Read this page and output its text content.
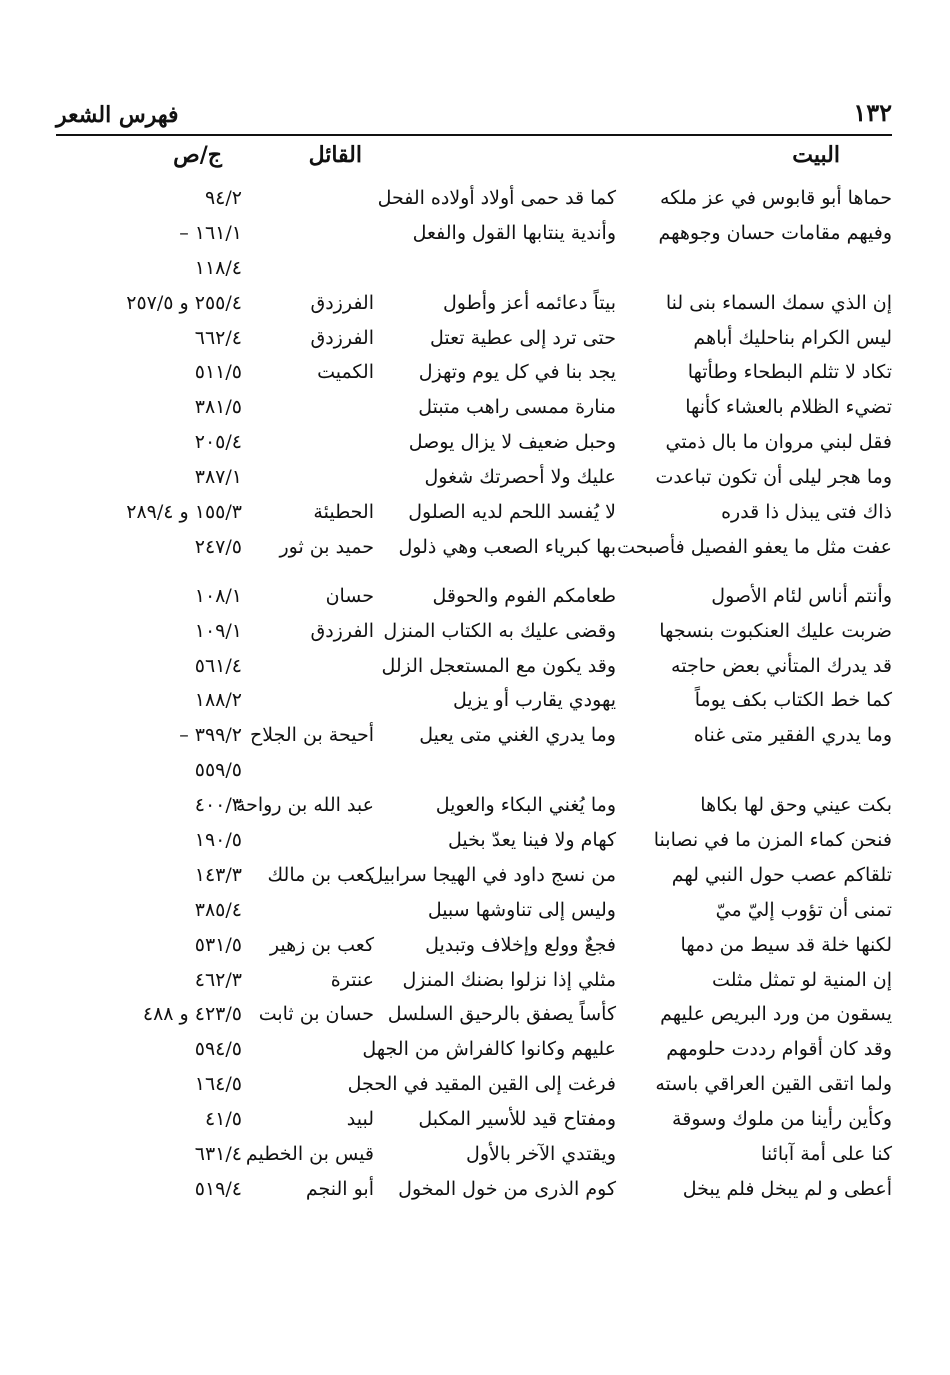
١٣٢
فهرس الشعر
البيت
القائل
ج/ص
حماها أبو قابوس في عز ملكه
كما قد حمى أولاد أولاده الفحل
٩٤/٢
وفيهم مقامات حسان وجوههم
وأندية ينتابها القول والفعل
١٦١/١ –
١١٨/٤
إن الذي سمك السماء بنى لنا
بيتاً دعائمه أعز وأطول
الفرزدق
٢٥٥/٤ و ٢٥٧/٥
ليس الكرام بناحليك أباهم
حتى ترد إلى عطية تعتل
الفرزدق
٦٦٢/٤
تكاد لا تثلم البطحاء وطأتها
يجد بنا في كل يوم وتهزل
الكميت
٥١١/٥
تضيء الظلام بالعشاء كأنها
منارة ممسى راهب متبتل
٣٨١/٥
فقل لبني مروان ما بال ذمتي
وحبل ضعيف لا يزال يوصل
٢٠٥/٤
وما هجر ليلى أن تكون تباعدت
عليك ولا أحصرتك شغول
٣٨٧/١
ذاك فتى يبذل ذا قدره
لا يُفسد اللحم لديه الصلول
الحطيئة
١٥٥/٣ و ٢٨٩/٤
عفت مثل ما يعفو الفصيل فأصبحت
بها كبرياء الصعب وهي ذلول
حميد بن ثور
٢٤٧/٥
وأنتم أناس لئام الأصول
طعامكم الفوم والحوقل
حسان
١٠٨/١
ضربت عليك العنكبوت بنسجها
وقضى عليك به الكتاب المنزل
الفرزدق
١٠٩/١
قد يدرك المتأني بعض حاجته
وقد يكون مع المستعجل الزلل
٥٦١/٤
كما خط الكتاب بكف يوماً
يهودي يقارب أو يزيل
١٨٨/٢
وما يدري الفقير متى غناه
وما يدري الغني متى يعيل
أحيحة بن الجلاح
٣٩٩/٢ –
٥٥٩/٥
بكت عيني وحق لها بكاها
وما يُغني البكاء والعويل
عبد الله بن رواحة
٤٠٠/٣
فنحن كماء المزن ما في نصابنا
كهام ولا فينا يعدّ بخيل
١٩٠/٥
تلقاكم عصب حول النبي لهم
من نسج داود في الهيجا سرابيل
كعب بن مالك
١٤٣/٣
تمنى أن تؤوب إليّ ميّ
وليس إلى تناوشها سبيل
٣٨٥/٤
لكنها خلة قد سيط من دمها
فجعٌ وولع وإخلاف وتبديل
كعب بن زهير
٥٣١/٥
إن المنية لو تمثل مثلت
مثلي إذا نزلوا بضنك المنزل
عنترة
٤٦٢/٣
يسقون من ورد البريص عليهم
كأساً يصفق بالرحيق السلسل
حسان بن ثابت
٤٢٣/٥ و ٤٨٨
وقد كان أقوام رددت حلومهم
عليهم وكانوا كالفراش من الجهل
٥٩٤/٥
ولما اتقى القين العراقي باسته
فرغت إلى القين المقيد في الحجل
١٦٤/٥
وكأين رأينا من ملوك وسوقة
ومفتاح قيد للأسير المكبل
لبيد
٤١/٥
كنا على أمة آبائنا
ويقتدي الآخر بالأول
قيس بن الخطيم
٦٣١/٤
أعطى و لم يبخل فلم يبخل
كوم الذرى من خول المخول
أبو النجم
٥١٩/٤
